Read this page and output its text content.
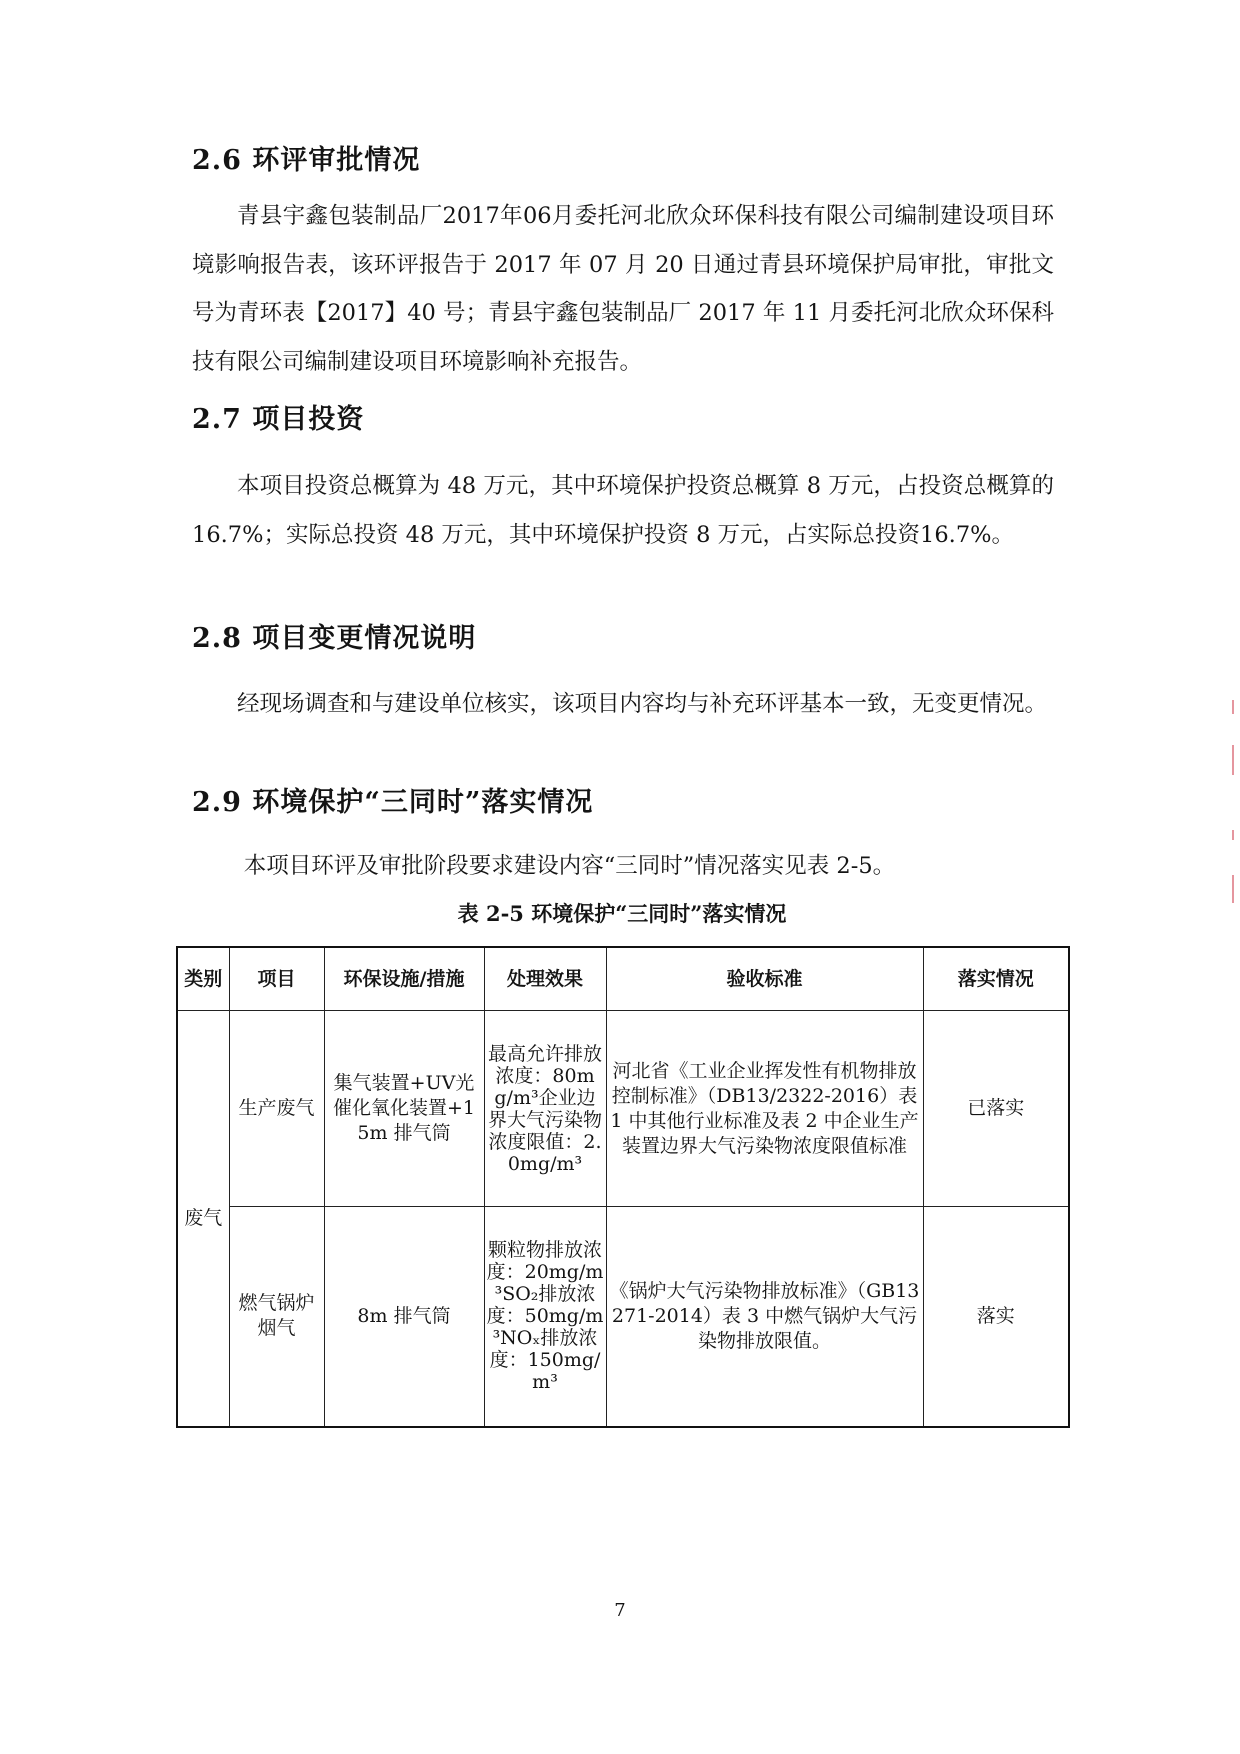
2.6 环评审批情况

青县宇鑫包装制品厂2017年06月委托河北欣众环保科技有限公司编制建设项目环境影响报告表，该环评报告于 2017 年 07 月 20 日通过青县环境保护局审批，审批文号为青环表【2017】40 号；青县宇鑫包装制品厂 2017 年 11 月委托河北欣众环保科技有限公司编制建设项目环境影响补充报告。

2.7 项目投资

本项目投资总概算为 48 万元，其中环境保护投资总概算 8 万元，占投资总概算的 16.7%；实际总投资 48 万元，其中环境保护投资 8 万元，占实际总投资16.7%。

2.8 项目变更情况说明

经现场调查和与建设单位核实，该项目内容均与补充环评基本一致，无变更情况。

2.9 环境保护“三同时”落实情况

本项目环评及审批阶段要求建设内容“三同时”情况落实见表 2-5。

表 2-5 环境保护“三同时”落实情况
类别	项目	环保设施/措施	处理效果	验收标准	落实情况
废气	生产废气	集气装置+UV光催化氧化装置+15m 排气筒	最高允许排放浓度：80mg/m³企业边界大气污染物浓度限值：2.0mg/m³	河北省《工业企业挥发性有机物排放控制标准》（DB13/2322-2016）表 1 中其他行业标准及表 2 中企业生产装置边界大气污染物浓度限值标准	已落实
	燃气锅炉烟气	8m 排气筒	颗粒物排放浓度：20mg/m³SO₂排放浓度：50mg/m³NOₓ排放浓度：150mg/m³	《锅炉大气污染物排放标准》（GB13271-2014）表 3 中燃气锅炉大气污染物排放限值。	落实
7
